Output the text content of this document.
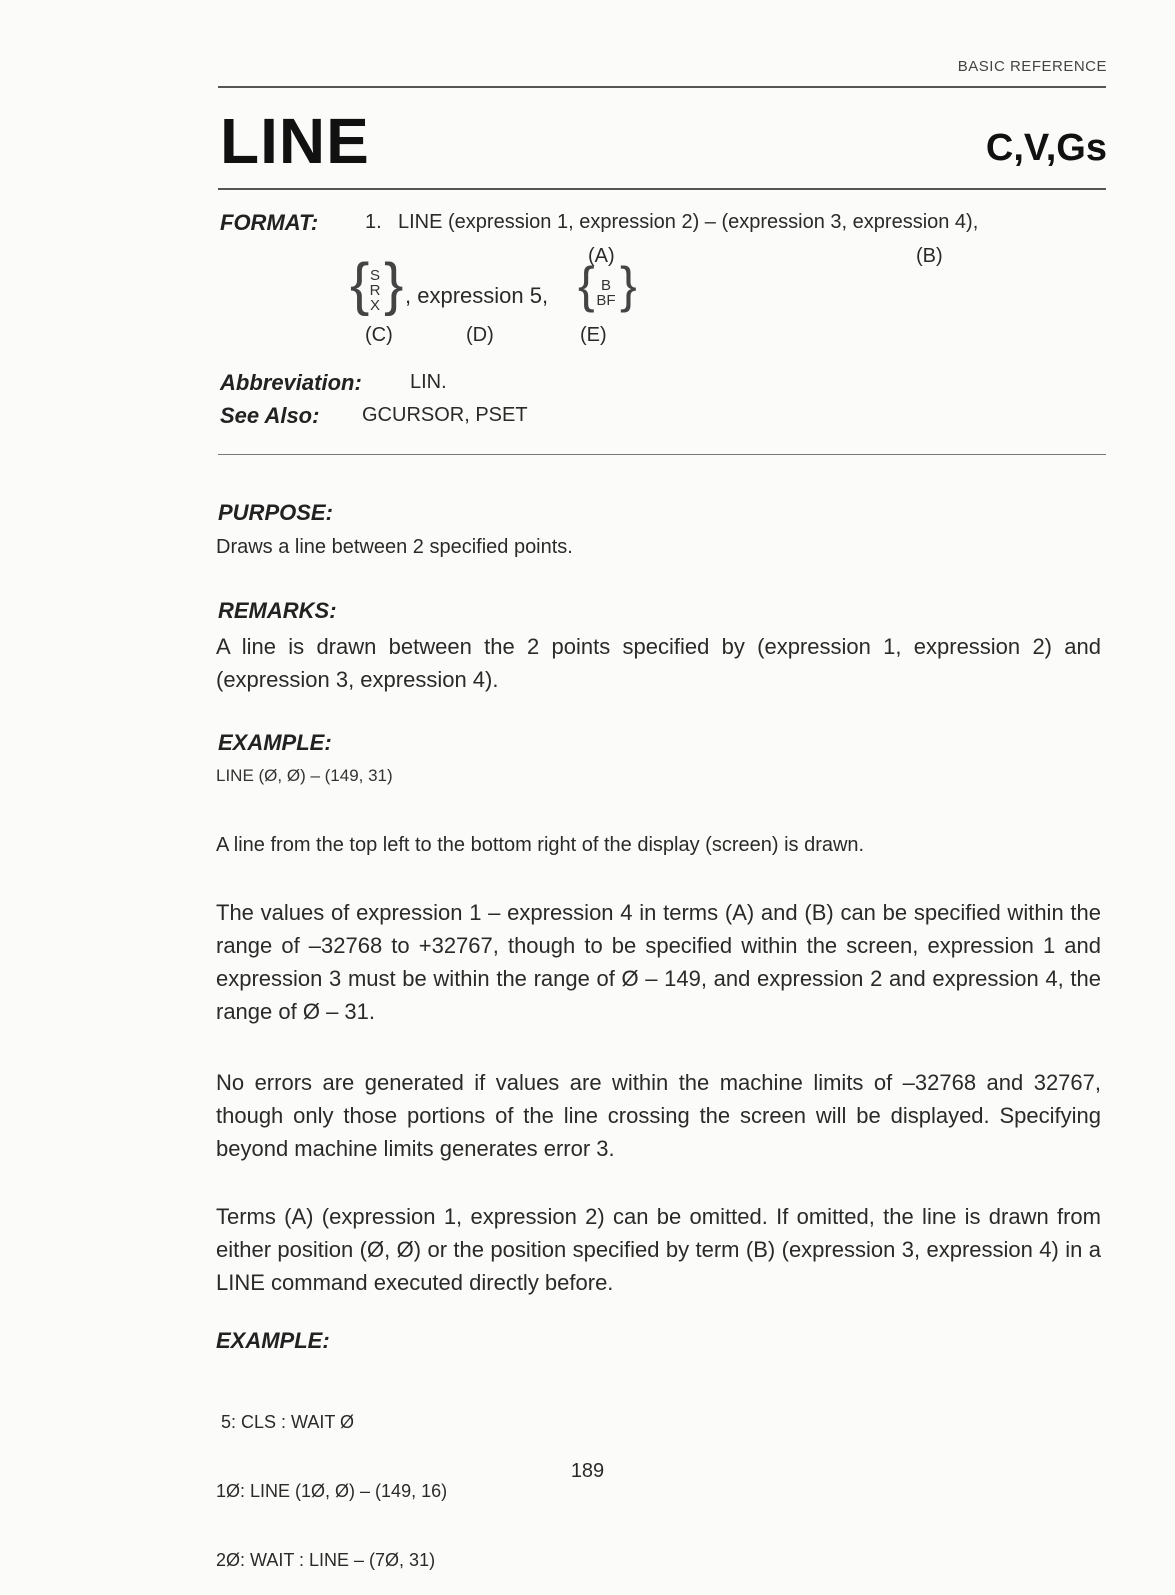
BASIC REFERENCE
LINE	C,V,Gs
FORMAT: 1. LINE (expression 1, expression 2) – (expression 3, expression 4),
(A)	(B)
{ S
R
X } , expression 5, { B
BF }
(C)	(D)	(E)
Abbreviation: LIN.
See Also: GCURSOR, PSET
PURPOSE:
Draws a line between 2 specified points.
REMARKS:
A line is drawn between the 2 points specified by (expression 1, expression 2) and (expression 3, expression 4).
EXAMPLE:
LINE (Ø, Ø) – (149, 31)
A line from the top left to the bottom right of the display (screen) is drawn.
The values of expression 1 – expression 4 in terms (A) and (B) can be specified within the range of –32768 to +32767, though to be specified within the screen, expression 1 and expression 3 must be within the range of Ø – 149, and expression 2 and expression 4, the range of Ø – 31.
No errors are generated if values are within the machine limits of –32768 and 32767, though only those portions of the line crossing the screen will be displayed. Specifying beyond machine limits generates error 3.
Terms (A) (expression 1, expression 2) can be omitted. If omitted, the line is drawn from either position (Ø, Ø) or the position specified by term (B) (expression 3, expression 4) in a LINE command executed directly before.
EXAMPLE:

5: CLS : WAIT Ø

1Ø: LINE (1Ø, Ø) – (149, 16)

2Ø: WAIT : LINE – (7Ø, 31)

189
